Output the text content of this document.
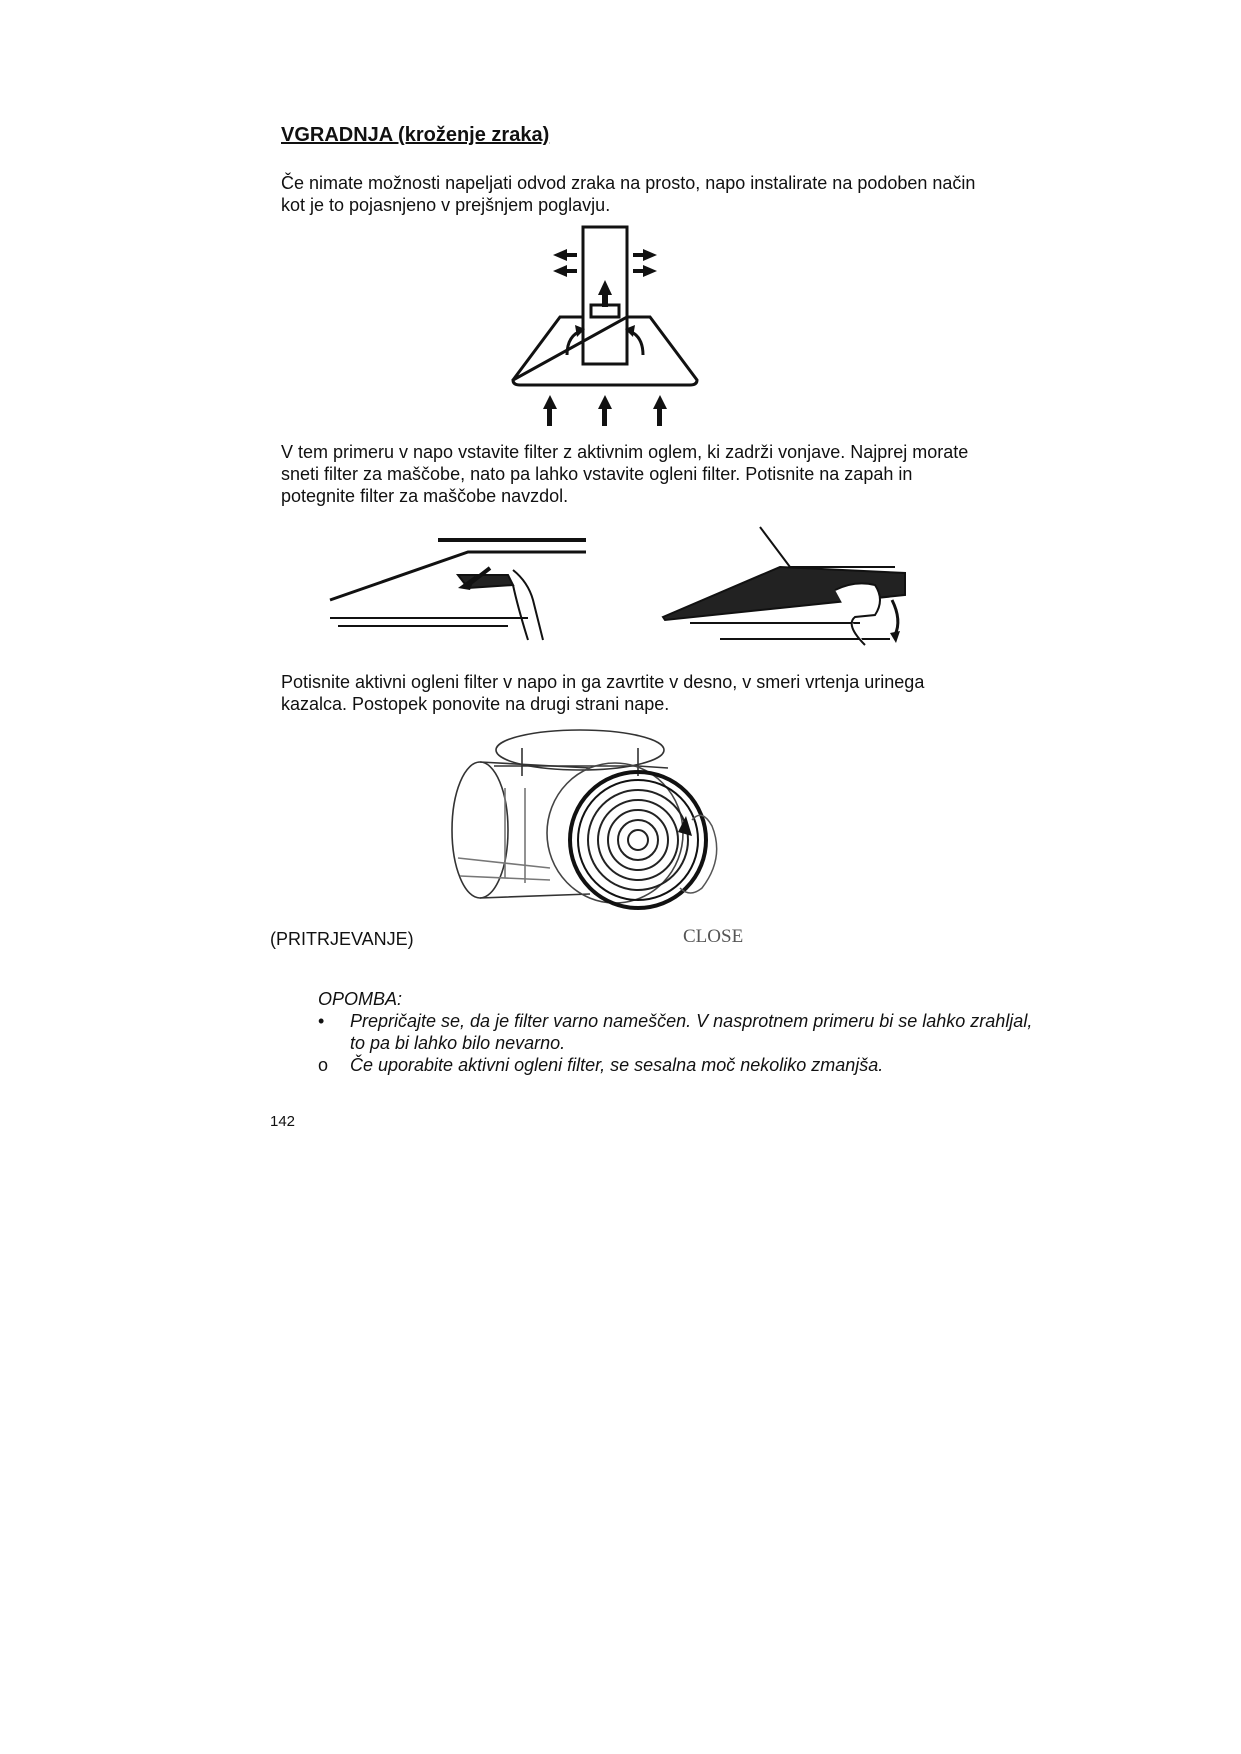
VGRADNJA (kroženje zraka)
Če nimate možnosti napeljati odvod zraka na prosto, napo instalirate na podoben način kot je to pojasnjeno v prejšnjem poglavju.
V tem primeru v napo vstavite filter z aktivnim oglem, ki zadrži vonjave. Najprej morate sneti filter za maščobe, nato pa lahko vstavite ogleni filter. Potisnite na zapah in potegnite filter za maščobe navzdol.
Potisnite aktivni ogleni filter v napo in ga zavrtite v desno, v smeri vrtenja urinega kazalca. Postopek ponovite na drugi strani nape.
(PRITRJEVANJE)	CLOSE
OPOMBA:
•	Prepričajte se, da je filter varno nameščen. V nasprotnem primeru bi se lahko zrahljal, to pa bi lahko bilo nevarno.
o	Če uporabite aktivni ogleni filter, se sesalna moč nekoliko zmanjša.
142
